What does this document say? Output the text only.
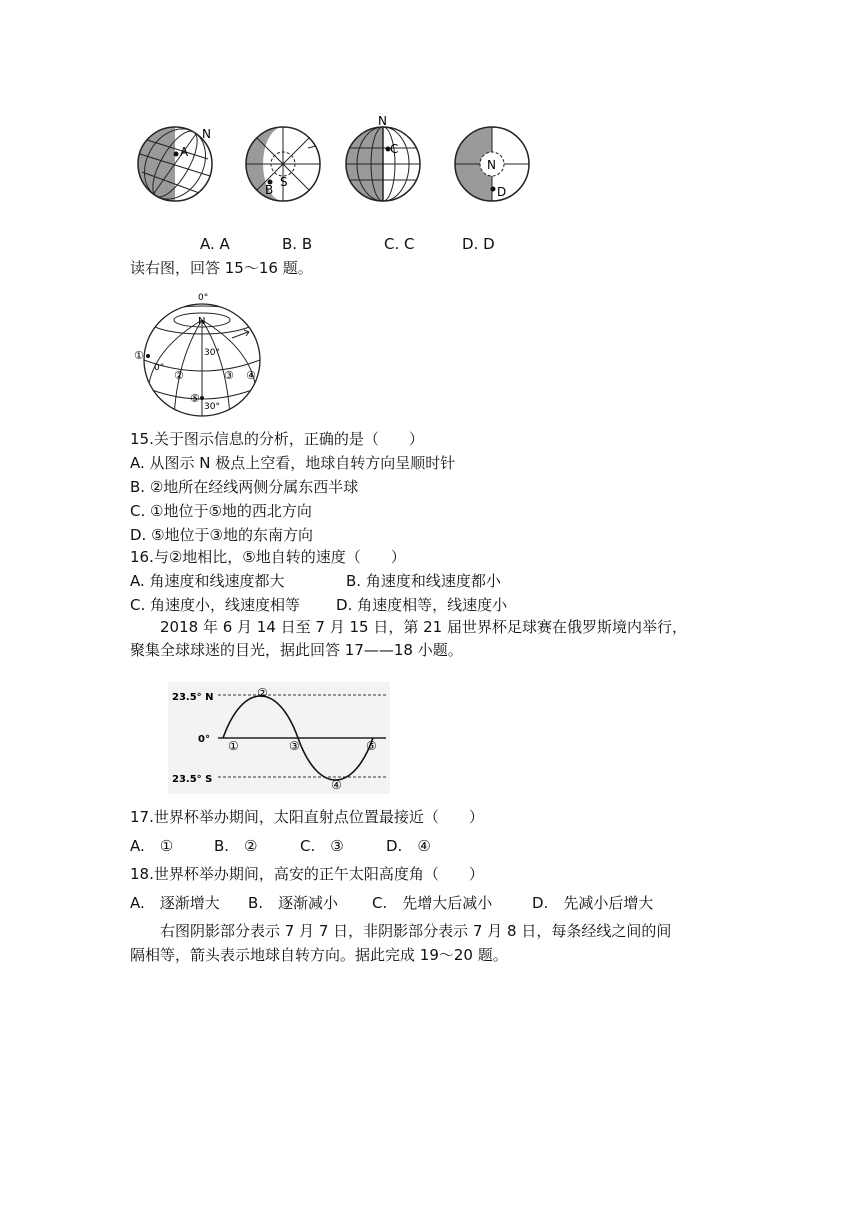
A
N
B
S
N
C
N
D
A. A	B. B	C. C	D. D
读右图，回答 15～16 题。
0°
N
30°
0°
30°
①
②	③ ④
⑤
15.关于图示信息的分析，正确的是（　　）
A. 从图示 N 极点上空看，地球自转方向呈顺时针
B. ②地所在经线两侧分属东西半球
C. ①地位于⑤地的西北方向
D. ⑤地位于③地的东南方向
16.与②地相比，⑤地自转的速度（　　）
A. 角速度和线速度都大	B. 角速度和线速度都小
C. 角速度小，线速度相等 D. 角速度相等，线速度小
2018 年 6 月 14 日至 7 月 15 日，第 21 届世界杯足球赛在俄罗斯境内举行，
聚集全球球迷的目光，据此回答 17——18 小题。
23.5° N
0°
23.5° S
①
②
③
④
⑤
17.世界杯举办期间，太阳直射点位置最接近（　　）
A.　①	B.　②	C.　③	D.　④
18.世界杯举办期间，高安的正午太阳高度角（　　）
A.　逐渐增大 B.　逐渐减小 C.　先增大后减小	D.　先减小后增大
右图阴影部分表示 7 月 7 日，非阴影部分表示 7 月 8 日，每条经线之间的间
隔相等，箭头表示地球自转方向。据此完成 19～20 题。
